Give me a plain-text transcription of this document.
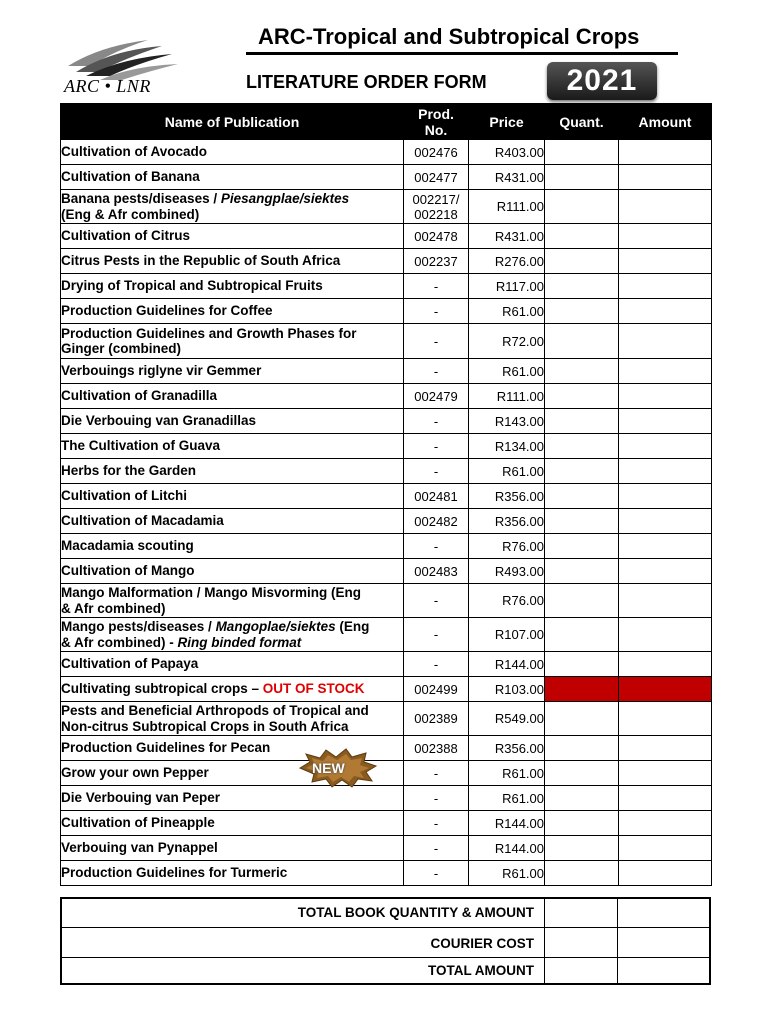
ARC • LNR
ARC-Tropical and Subtropical Crops
LITERATURE ORDER FORM	2021
Name of Publication	Prod. No.	Price	Quant.	Amount
Cultivation of Avocado	002476	R403.00		
Cultivation of Banana	002477	R431.00		
Banana pests/diseases / Piesangplae/siektes
(Eng & Afr combined)	002217/
002218	R111.00		
Cultivation of Citrus	002478	R431.00		
Citrus Pests in the Republic of South Africa	002237	R276.00		
Drying of Tropical and Subtropical Fruits	-	R117.00		
Production Guidelines for Coffee	-	R61.00		
Production Guidelines and Growth Phases for
Ginger (combined)	-	R72.00		
Verbouings riglyne vir Gemmer	-	R61.00		
Cultivation of Granadilla	002479	R111.00		
Die Verbouing van Granadillas	-	R143.00		
The Cultivation of Guava	-	R134.00		
Herbs for the Garden	-	R61.00		
Cultivation of Litchi	002481	R356.00		
Cultivation of Macadamia	002482	R356.00		
Macadamia scouting	-	R76.00		
Cultivation of Mango	002483	R493.00		
Mango Malformation / Mango Misvorming (Eng
& Afr combined)	-	R76.00		
Mango pests/diseases / Mangoplae/siektes (Eng
& Afr combined) - Ring binded format	-	R107.00		
Cultivation of Papaya	-	R144.00		
Cultivating subtropical crops – OUT OF STOCK	002499	R103.00		
Pests and Beneficial Arthropods of Tropical and
Non-citrus Subtropical Crops in South Africa	002389	R549.00		
Production Guidelines for Pecan	002388	R356.00		
Grow your own Pepper	-	R61.00		
Die Verbouing van Peper	-	R61.00		
Cultivation of Pineapple	-	R144.00		
Verbouing van Pynappel	-	R144.00		
Production Guidelines for Turmeric	-	R61.00		
NEW
TOTAL BOOK QUANTITY & AMOUNT
COURIER COST
TOTAL AMOUNT
